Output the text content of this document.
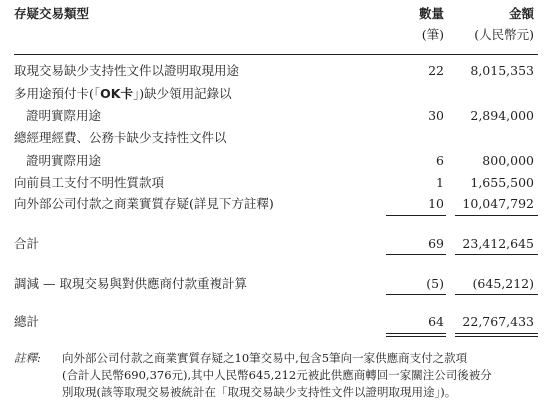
存疑交易類型	數量	金額
(筆) (人民幣元)
取現交易缺少支持性文件以證明取現用途	22 8,015,353
多用途預付卡(「OK卡」)缺少領用記錄以
證明實際用途	30 2,894,000
總經理經費、公務卡缺少支持性文件以
證明實際用途	6	800,000
向前員工支付不明性質款項	1 1,655,500
向外部公司付款之商業實質存疑(詳見下方註釋)	10 10,047,792
合計	69 23,412,645
調減 — 取現交易與對供應商付款重複計算	(5) (645,212)
總計	64 22,767,433
註釋: 向外部公司付款之商業實質存疑之10筆交易中,包含5筆向一家供應商支付之款項
(合計人民幣690,376元),其中人民幣645,212元被此供應商轉回一家關注公司後被分
別取現(該等取現交易被統計在「取現交易缺少支持性文件以證明取現用途」)。
